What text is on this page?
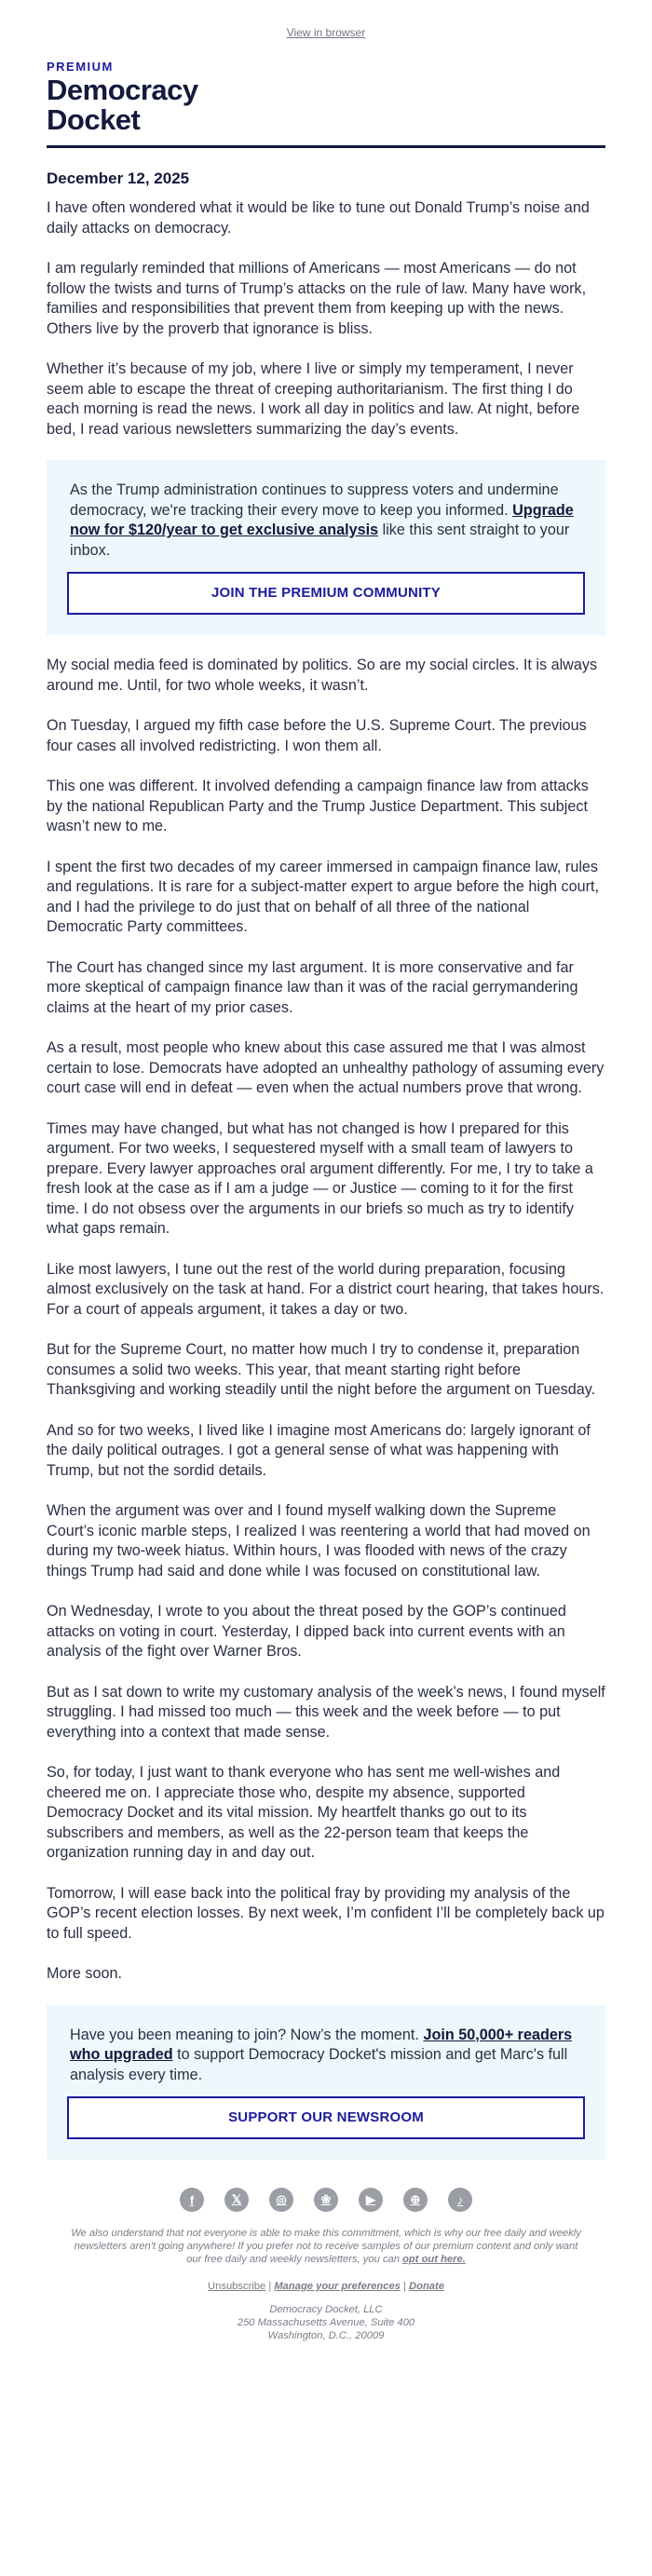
View in browser
PREMIUM
Democracy
Docket
December 12, 2025
I have often wondered what it would be like to tune out Donald Trump’s noise and daily attacks on democracy.
I am regularly reminded that millions of Americans — most Americans — do not follow the twists and turns of Trump’s attacks on the rule of law. Many have work, families and responsibilities that prevent them from keeping up with the news. Others live by the proverb that ignorance is bliss.
Whether it’s because of my job, where I live or simply my temperament, I never seem able to escape the threat of creeping authoritarianism. The first thing I do each morning is read the news. I work all day in politics and law. At night, before bed, I read various newsletters summarizing the day’s events.
As the Trump administration continues to suppress voters and undermine democracy, we're tracking their every move to keep you informed. Upgrade now for $120/year to get exclusive analysis like this sent straight to your inbox.
JOIN THE PREMIUM COMMUNITY
My social media feed is dominated by politics. So are my social circles. It is always around me. Until, for two whole weeks, it wasn’t.
On Tuesday, I argued my fifth case before the U.S. Supreme Court. The previous four cases all involved redistricting. I won them all.
This one was different. It involved defending a campaign finance law from attacks by the national Republican Party and the Trump Justice Department. This subject wasn’t new to me.
I spent the first two decades of my career immersed in campaign finance law, rules and regulations. It is rare for a subject-matter expert to argue before the high court, and I had the privilege to do just that on behalf of all three of the national Democratic Party committees.
The Court has changed since my last argument. It is more conservative and far more skeptical of campaign finance law than it was of the racial gerrymandering claims at the heart of my prior cases.
As a result, most people who knew about this case assured me that I was almost certain to lose. Democrats have adopted an unhealthy pathology of assuming every court case will end in defeat — even when the actual numbers prove that wrong.
Times may have changed, but what has not changed is how I prepared for this argument. For two weeks, I sequestered myself with a small team of lawyers to prepare. Every lawyer approaches oral argument differently. For me, I try to take a fresh look at the case as if I am a judge — or Justice — coming to it for the first time. I do not obsess over the arguments in our briefs so much as try to identify what gaps remain.
Like most lawyers, I tune out the rest of the world during preparation, focusing almost exclusively on the task at hand. For a district court hearing, that takes hours. For a court of appeals argument, it takes a day or two.
But for the Supreme Court, no matter how much I try to condense it, preparation consumes a solid two weeks. This year, that meant starting right before Thanksgiving and working steadily until the night before the argument on Tuesday.
And so for two weeks, I lived like I imagine most Americans do: largely ignorant of the daily political outrages. I got a general sense of what was happening with Trump, but not the sordid details.
When the argument was over and I found myself walking down the Supreme Court’s iconic marble steps, I realized I was reentering a world that had moved on during my two-week hiatus. Within hours, I was flooded with news of the crazy things Trump had said and done while I was focused on constitutional law.
On Wednesday, I wrote to you about the threat posed by the GOP’s continued attacks on voting in court. Yesterday, I dipped back into current events with an analysis of the fight over Warner Bros.
But as I sat down to write my customary analysis of the week’s news, I found myself struggling. I had missed too much — this week and the week before — to put everything into a context that made sense.
So, for today, I just want to thank everyone who has sent me well-wishes and cheered me on. I appreciate those who, despite my absence, supported Democracy Docket and its vital mission. My heartfelt thanks go out to its subscribers and members, as well as the 22-person team that keeps the organization running day in and day out.
Tomorrow, I will ease back into the political fray by providing my analysis of the GOP’s recent election losses. By next week, I’m confident I’ll be completely back up to full speed.
More soon.
Have you been meaning to join? Now’s the moment. Join 50,000+ readers who upgraded to support Democracy Docket's mission and get Marc's full analysis every time.
SUPPORT OUR NEWSROOM
f	𝕏	◎	❀	▶	⊕	♪
We also understand that not everyone is able to make this commitment, which is why our free daily and weekly newsletters aren't going anywhere! If you prefer not to receive samples of our premium content and only want our free daily and weekly newsletters, you can opt out here.
Unsubscribe | Manage your preferences | Donate
Democracy Docket, LLC
250 Massachusetts Avenue, Suite 400
Washington, D.C., 20009
